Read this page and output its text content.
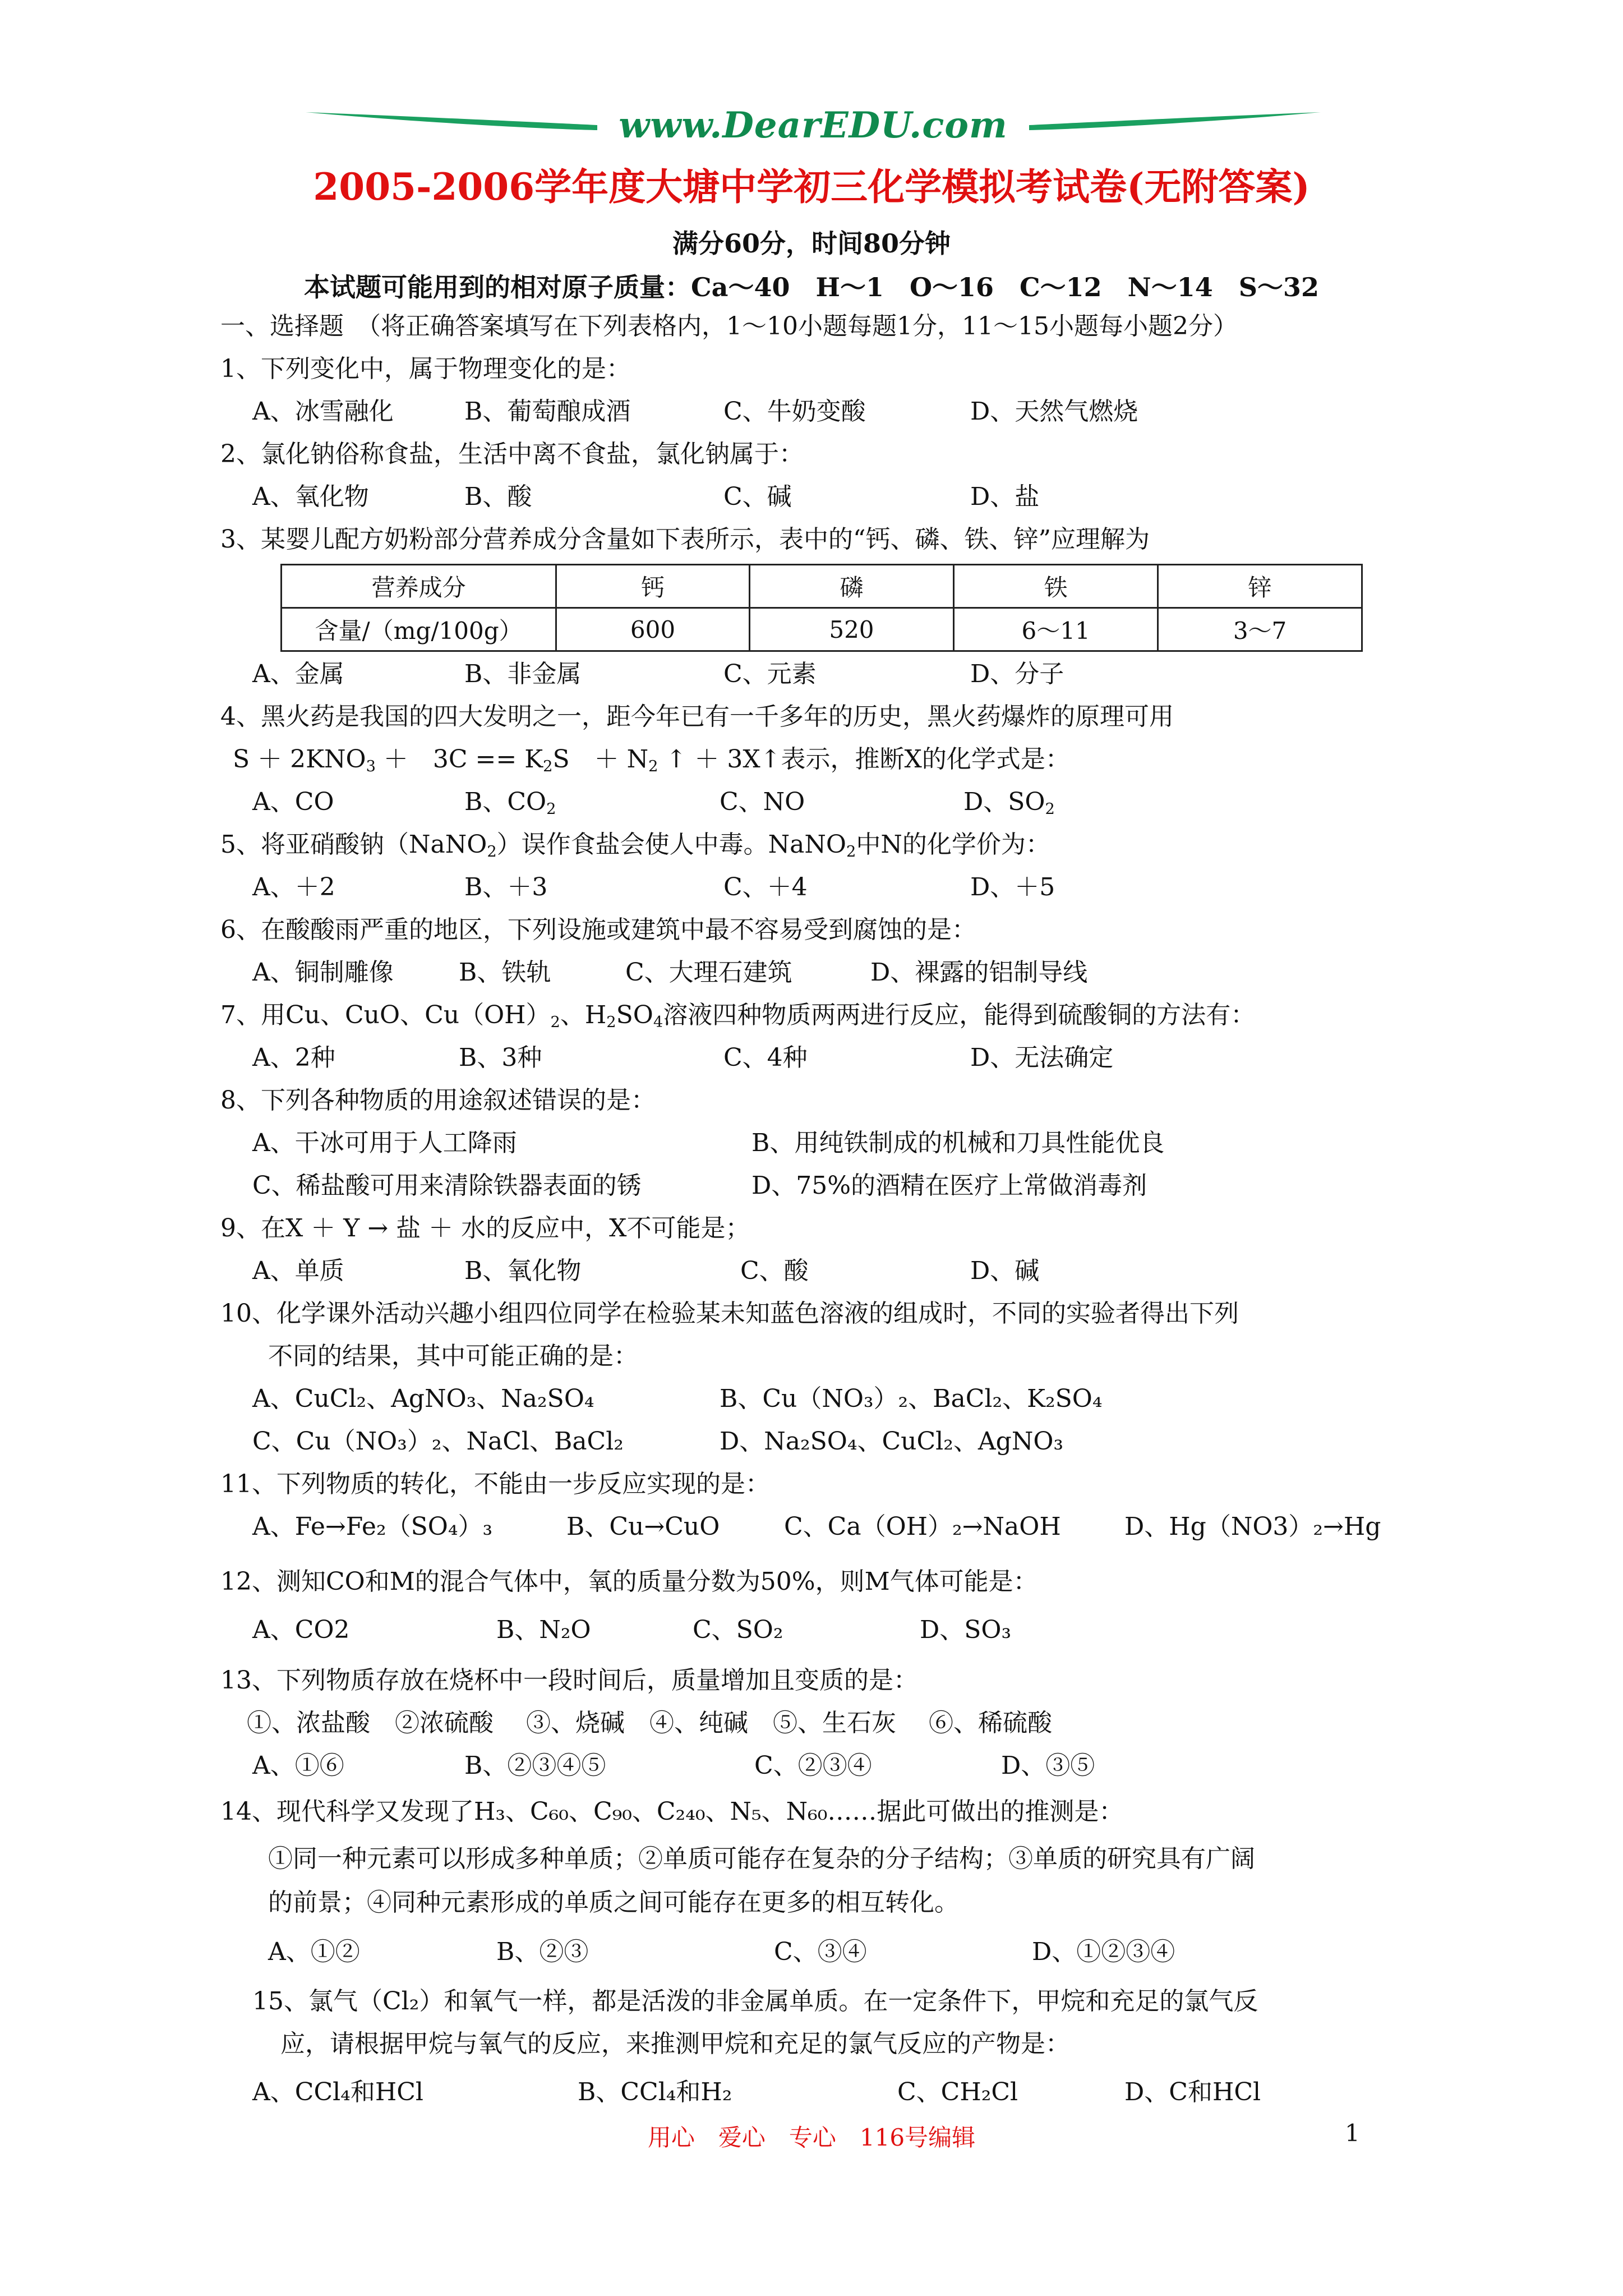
www.DearEDU.com
2005-2006学年度大塘中学初三化学模拟考试卷(无附答案)
满分60分，时间80分钟
本试题可能用到的相对原子质量：Ca～40　H～1　O～16　C～12　N～14　S～32
一、选择题　（将正确答案填写在下列表格内，1～10小题每题1分，11～15小题每小题2分）
1、下列变化中，属于物理变化的是：
A、冰雪融化	B、葡萄酿成酒	C、牛奶变酸	D、天然气燃烧
2、氯化钠俗称食盐，生活中离不食盐，氯化钠属于：
A、氧化物	B、酸	C、碱	D、盐
3、某婴儿配方奶粉部分营养成分含量如下表所示，表中的“钙、磷、铁、锌”应理解为
营养成分	钙	磷	铁	锌
含量/（mg/100g）	600	520	6～11	3～7
A、金属	B、非金属	C、元素	D、分子
4、黑火药是我国的四大发明之一，距今年已有一千多年的历史，黑火药爆炸的原理可用
$S + 2KNO_3$ ＋　$3C == K_2S$　＋ $N_2$ ↑ ＋ 3X↑表示，推断X的化学式是：
A、CO	B、$CO_2$	C、NO	D、$SO_2$
5、将亚硝酸钠（NaNO$_2$）误作食盐会使人中毒。NaNO$_2$中N的化学价为：
A、＋2	B、＋3	C、＋4	D、＋5
6、在酸酸雨严重的地区，下列设施或建筑中最不容易受到腐蚀的是：
A、铜制雕像	B、铁轨	C、大理石建筑	D、裸露的铝制导线
7、用Cu、CuO、$Cu(OH)_2$、$H_2SO_4$溶液四种物质两两进行反应，能得到硫酸铜的方法有：
A、2种	B、3种	C、4种	D、无法确定
8、下列各种物质的用途叙述错误的是：
A、干冰可用于人工降雨	B、用纯铁制成的机械和刀具性能优良
C、稀盐酸可用来清除铁器表面的锈	D、75%的酒精在医疗上常做消毒剂
9、在X ＋ Y → 盐 ＋ 水的反应中，X不可能是；
A、单质	B、氧化物	C、酸	D、碱
10、化学课外活动兴趣小组四位同学在检验某未知蓝色溶液的组成时，不同的实验者得出下列
不同的结果，其中可能正确的是：
A、CuCl₂、AgNO₃、Na₂SO₄	B、Cu（NO₃）₂、BaCl₂、K₂SO₄
C、Cu（NO₃）₂、NaCl、BaCl₂	D、Na₂SO₄、CuCl₂、AgNO₃
11、下列物质的转化，不能由一步反应实现的是：
A、Fe→Fe₂（SO₄）₃	B、Cu→CuO	C、Ca（OH）₂→NaOH	D、Hg（NO3）₂→Hg
12、测知CO和M的混合气体中，氧的质量分数为50%，则M气体可能是：
A、CO2	B、N₂O	C、SO₂	D、SO₃
13、下列物质存放在烧杯中一段时间后，质量增加且变质的是：
①、浓盐酸　②浓硫酸　 ③、烧碱　④、纯碱　⑤、生石灰　 ⑥、稀硫酸
A、①⑥	B、②③④⑤	C、②③④	D、③⑤
14、现代科学又发现了H₃、C₆₀、C₉₀、C₂₄₀、N₅、N₆₀……据此可做出的推测是：
①同一种元素可以形成多种单质；②单质可能存在复杂的分子结构；③单质的研究具有广阔
的前景；④同种元素形成的单质之间可能存在更多的相互转化。
A、①②	B、②③	C、③④	D、①②③④
15、氯气（Cl₂）和氧气一样，都是活泼的非金属单质。在一定条件下，甲烷和充足的氯气反
应，请根据甲烷与氧气的反应，来推测甲烷和充足的氯气反应的产物是：
A、CCl₄和HCl	B、CCl₄和H₂	C、CH₂Cl	D、C和HCl
用心　爱心　专心　116号编辑	1
